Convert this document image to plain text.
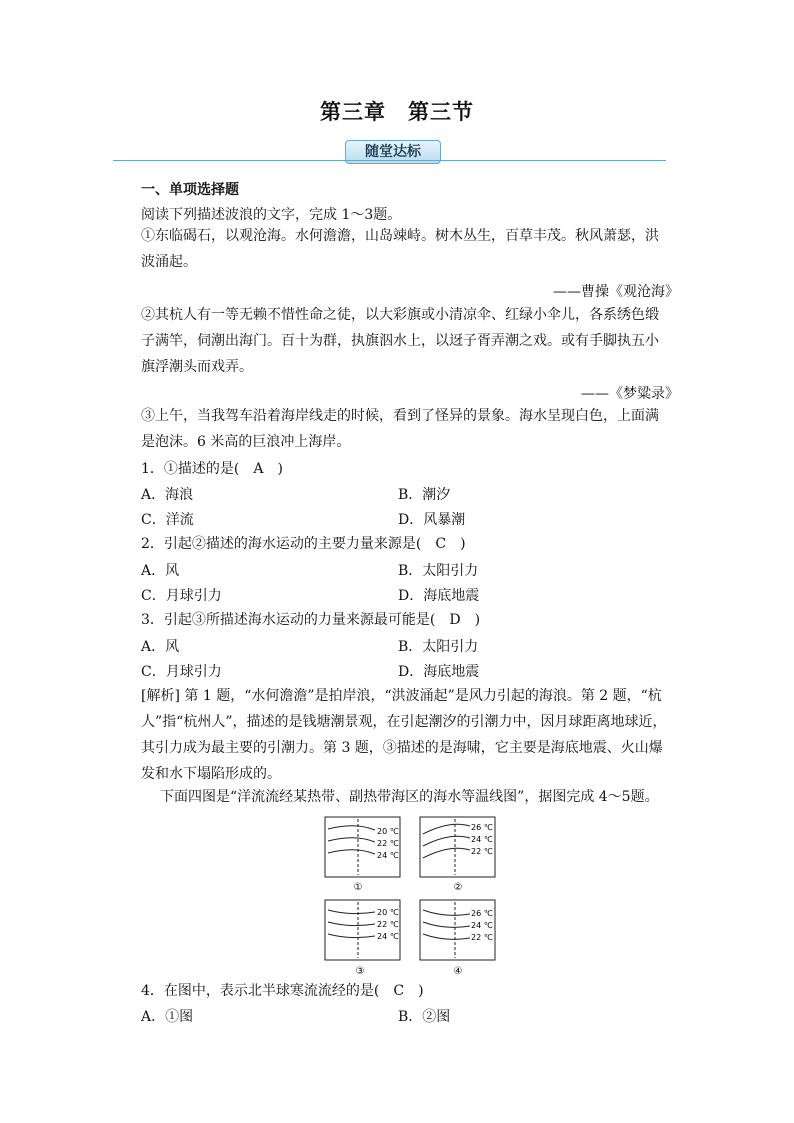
第三章　第三节
随堂达标
一、单项选择题
阅读下列描述波浪的文字，完成 1～3题。
①东临碣石，以观沧海。水何澹澹，山岛竦峙。树木丛生，百草丰茂。秋风萧瑟，洪波涌起。
——曹操《观沧海》
②其杭人有一等无赖不惜性命之徒，以大彩旗或小清凉伞、红绿小伞儿，各系绣色缎子满竿，伺潮出海门。百十为群，执旗泅水上，以迓子胥弄潮之戏。或有手脚执五小旗浮潮头而戏弄。
——《梦粱录》
③上午，当我驾车沿着海岸线走的时候，看到了怪异的景象。海水呈现白色，上面满是泡沫。6 米高的巨浪冲上海岸。
1．①描述的是(　A　)
A．海浪	B．潮汐
C．洋流	D．风暴潮
2．引起②描述的海水运动的主要力量来源是(　C　)
A．风	B．太阳引力
C．月球引力	D．海底地震
3．引起③所描述海水运动的力量来源最可能是(　D　)
A．风	B．太阳引力
C．月球引力	D．海底地震
[解析] 第 1 题，“水何澹澹”是拍岸浪，“洪波涌起”是风力引起的海浪。第 2 题，“杭人”指“杭州人”，描述的是钱塘潮景观，在引起潮汐的引潮力中，因月球距离地球近，其引力成为最主要的引潮力。第 3 题，③描述的是海啸，它主要是海底地震、火山爆发和水下塌陷形成的。
下面四图是“洋流流经某热带、副热带海区的海水等温线图”，据图完成 4～5题。
20 ℃
22 ℃
24 ℃
①
26 ℃
24 ℃
22 ℃
②
20 ℃
22 ℃
24 ℃
③
26 ℃
24 ℃
22 ℃
④
4．在图中，表示北半球寒流流经的是(　C　)
A．①图	B．②图
